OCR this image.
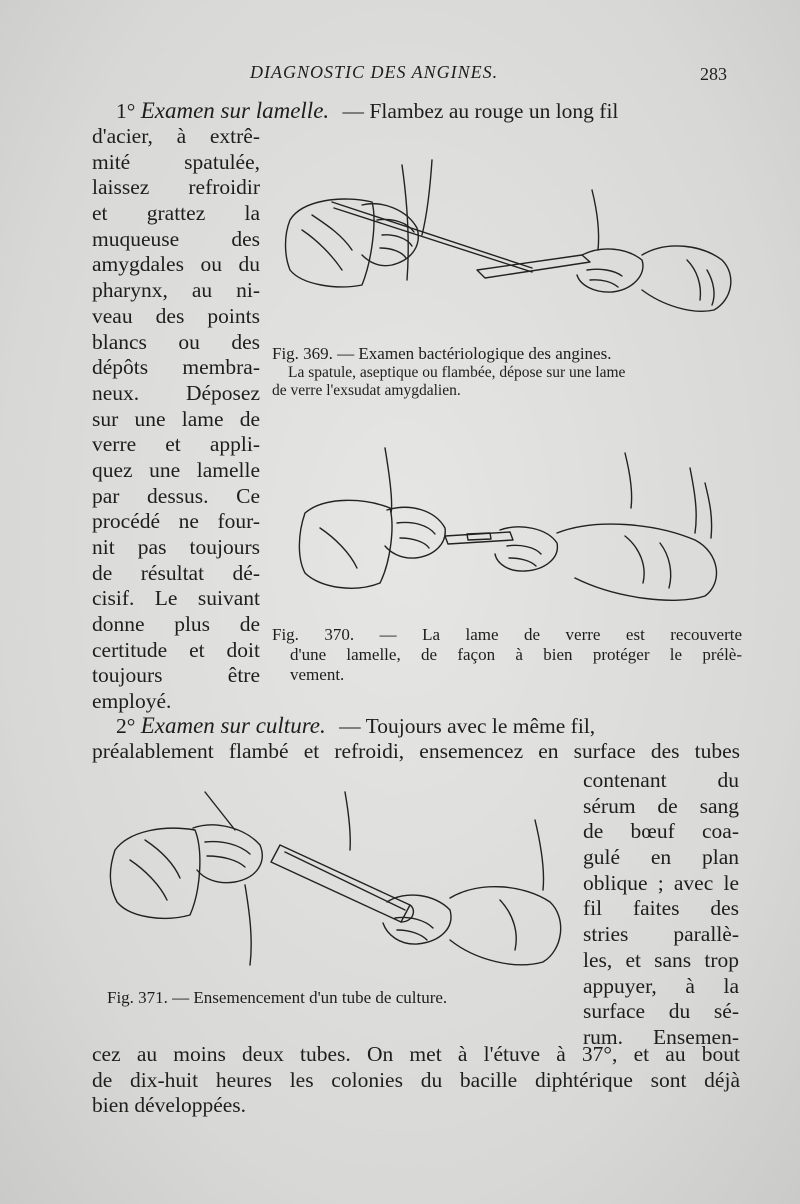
DIAGNOSTIC DES ANGINES.	283
1° Examen sur lamelle. — Flambez au rouge un long fil
d'acier, à extrê-
mité spatulée,
laissez refroidir
et grattez la
muqueuse des
amygdales ou du
pharynx, au ni-
veau des points
blancs ou des
dépôts membra-
neux. Déposez
sur une lame de
verre et appli-
quez une lamelle
par dessus. Ce
procédé ne four-
nit pas toujours
de résultat dé-
cisif. Le suivant
donne plus de
certitude et doit
toujours être
employé.
Fig. 369. — Examen bactériologique des angines.
La spatule, aseptique ou flambée, dépose sur une lame
de verre l'exsudat amygdalien.
Fig. 370. — La lame de verre est recouverte
d'une lamelle, de façon à bien protéger le prélè-
vement.
2° Examen sur culture. — Toujours avec le même fil,
préalablement flambé et refroidi, ensemencez en surface des tubes
contenant du
sérum de sang
de bœuf coa-
gulé en plan
oblique ; avec le
fil faites des
stries parallè-
les, et sans trop
appuyer, à la
surface du sé-
rum. Ensemen-
Fig. 371. — Ensemencement d'un tube de culture.
cez au moins deux tubes. On met à l'étuve à 37°, et au bout
de dix-huit heures les colonies du bacille diphtérique sont déjà
bien développées.
